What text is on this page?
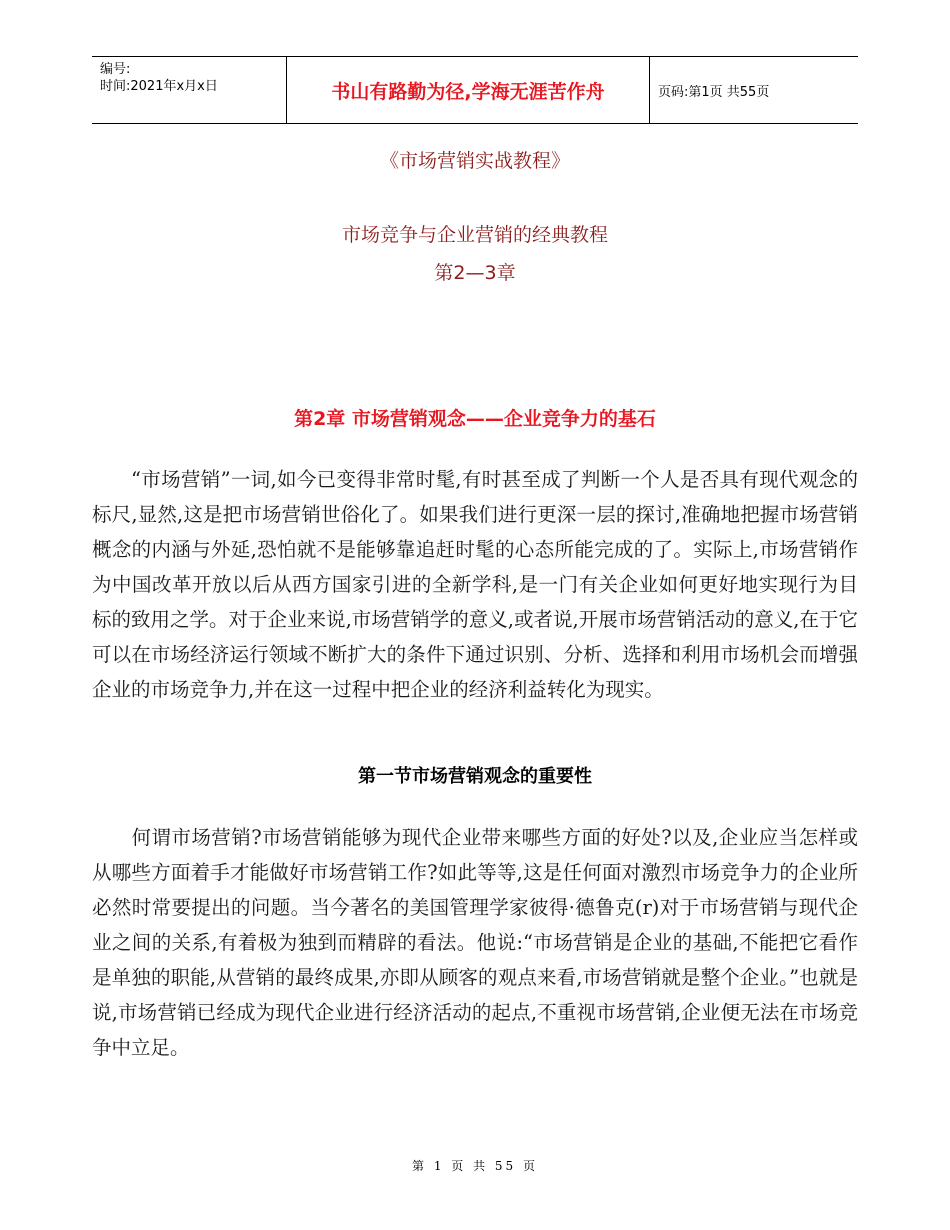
编号:
时间:2021年x月x日	书山有路勤为径,学海无涯苦作舟	页码:第1页 共55页
《市场营销实战教程》
市场竞争与企业营销的经典教程
第2—3章
第2章 市场营销观念——企业竞争力的基石
“市场营销”一词,如今已变得非常时髦,有时甚至成了判断一个人是否具有现代观念的标尺,显然,这是把市场营销世俗化了。如果我们进行更深一层的探讨,准确地把握市场营销概念的内涵与外延,恐怕就不是能够靠追赶时髦的心态所能完成的了。实际上,市场营销作为中国改革开放以后从西方国家引进的全新学科,是一门有关企业如何更好地实现行为目标的致用之学。对于企业来说,市场营销学的意义,或者说,开展市场营销活动的意义,在于它可以在市场经济运行领域不断扩大的条件下通过识别、分析、选择和利用市场机会而增强企业的市场竞争力,并在这一过程中把企业的经济利益转化为现实。
第一节市场营销观念的重要性
何谓市场营销?市场营销能够为现代企业带来哪些方面的好处?以及,企业应当怎样或从哪些方面着手才能做好市场营销工作?如此等等,这是任何面对激烈市场竞争力的企业所必然时常要提出的问题。当今著名的美国管理学家彼得·德鲁克(r)对于市场营销与现代企业之间的关系,有着极为独到而精辟的看法。他说:“市场营销是企业的基础,不能把它看作是单独的职能,从营销的最终成果,亦即从顾客的观点来看,市场营销就是整个企业。”也就是说,市场营销已经成为现代企业进行经济活动的起点,不重视市场营销,企业便无法在市场竞争中立足。
第 1 页 共 55 页
